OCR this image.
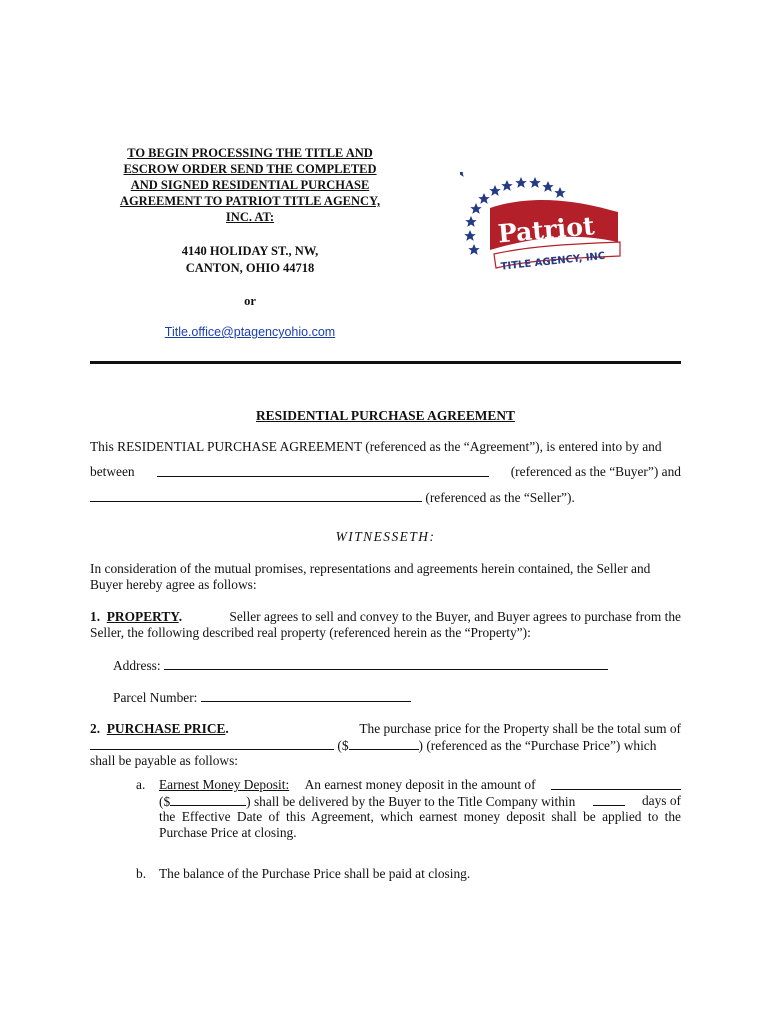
TO BEGIN PROCESSING THE TITLE AND
ESCROW ORDER SEND THE COMPLETED
AND SIGNED RESIDENTIAL PURCHASE
AGREEMENT TO PATRIOT TITLE AGENCY,
INC. AT:
4140 HOLIDAY ST., NW,
CANTON, OHIO 44718
or
Title.office@ptagencyohio.com
Patriot
TITLE AGENCY, INC
RESIDENTIAL PURCHASE AGREEMENT
This RESIDENTIAL PURCHASE AGREEMENT (referenced as the “Agreement”), is entered into by and
between	(referenced as the “Buyer”) and
(referenced as the “Seller”).
WITNESSETH:
In consideration of the mutual promises, representations and agreements herein contained, the Seller and
Buyer hereby agree as follows:
1. PROPERTY.	Seller agrees to sell and convey to the Buyer, and Buyer agrees to purchase from the
Seller, the following described real property (referenced herein as the “Property”):
Address:
Parcel Number:
2. PURCHASE PRICE.	The purchase price for the Property shall be the total sum of
($	) (referenced as the “Purchase Price”) which
shall be payable as follows:
a. Earnest Money Deposit: An earnest money deposit in the amount of
($	) shall be delivered by the Buyer to the Title Company within	days of
the Effective Date of this Agreement, which earnest money deposit shall be applied to the
Purchase Price at closing.
b. The balance of the Purchase Price shall be paid at closing.
